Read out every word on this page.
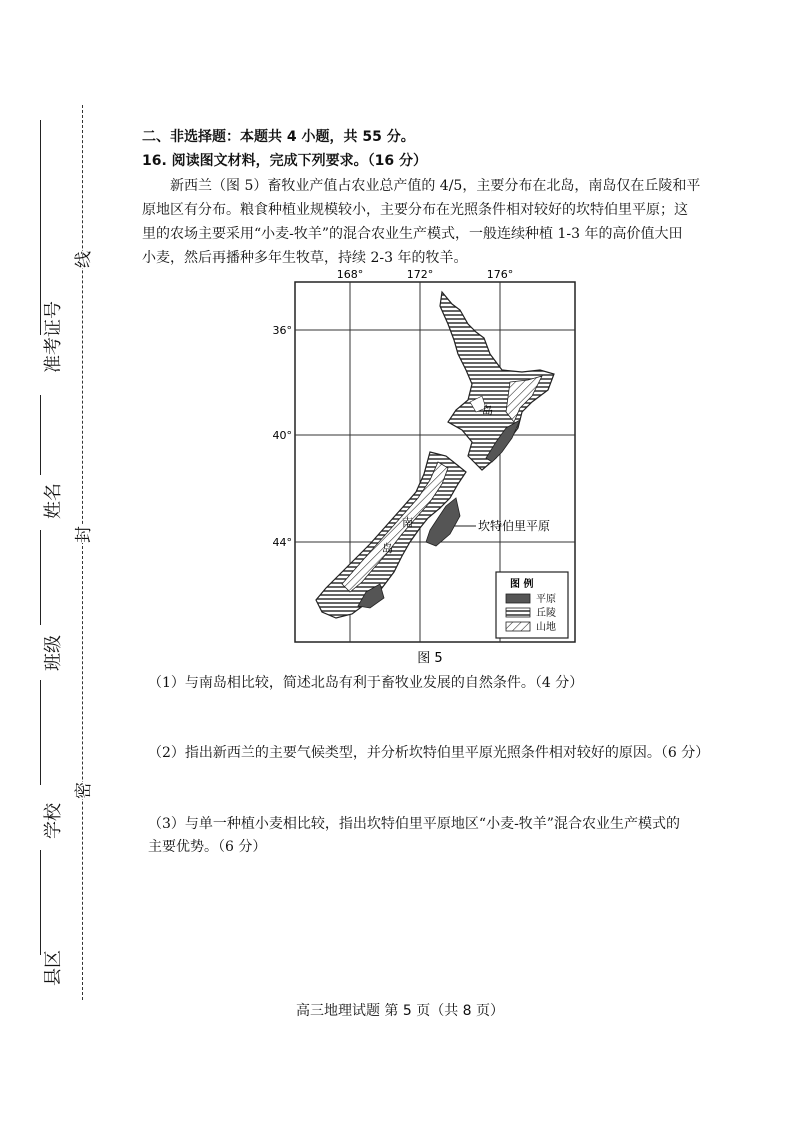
准考证号
姓名
班级
学校
县区
线
封
密
二、非选择题：本题共 4 小题，共 55 分。
16. 阅读图文材料，完成下列要求。（16 分）
新西兰（图 5）畜牧业产值占农业总产值的 4/5，主要分布在北岛，南岛仅在丘陵和平
原地区有分布。粮食种植业规模较小，主要分布在光照条件相对较好的坎特伯里平原；这
里的农场主要采用“小麦-牧羊”的混合农业生产模式，一般连续种植 1-3 年的高价值大田
小麦，然后再播种多年生牧草，持续 2-3 年的牧羊。
168°	172°	176°
36°
40°
44°
岛
南
岛
坎特伯里平原
图 例
平原
丘陵
山地
图 5
（1）与南岛相比较，简述北岛有利于畜牧业发展的自然条件。（4 分）
（2）指出新西兰的主要气候类型，并分析坎特伯里平原光照条件相对较好的原因。（6 分）
（3）与单一种植小麦相比较，指出坎特伯里平原地区“小麦-牧羊”混合农业生产模式的
主要优势。（6 分）
高三地理试题 第 5 页（共 8 页）
